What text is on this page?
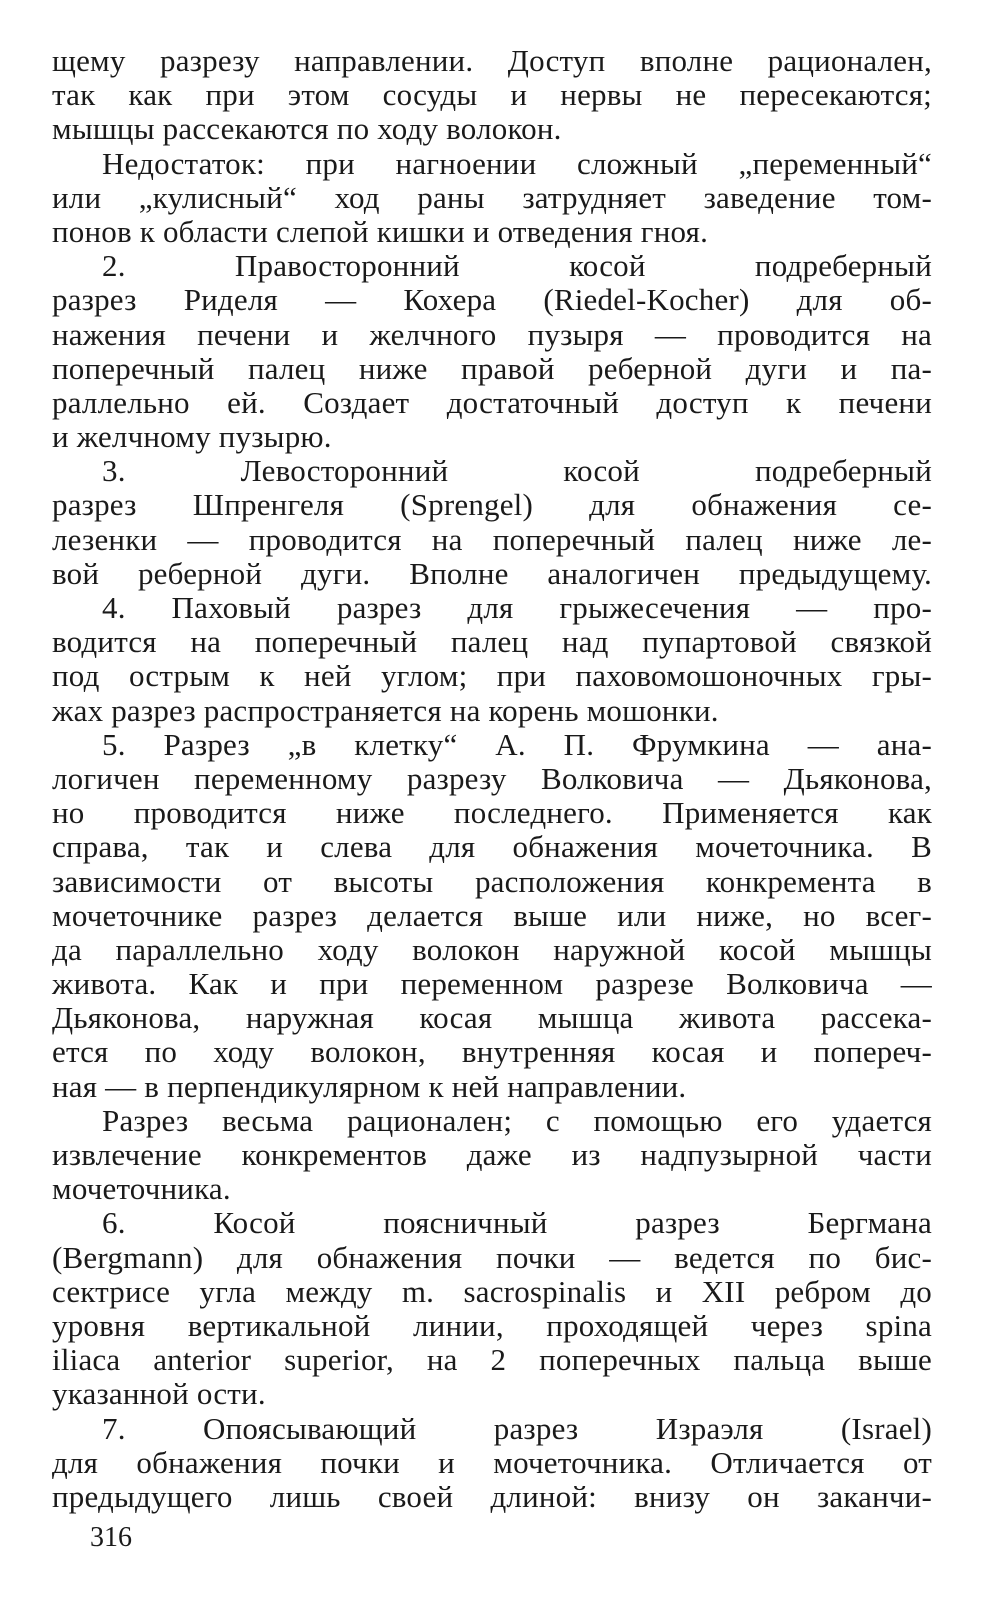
щему разрезу направлении. Доступ вполне рационален,
так как при этом сосуды и нервы не пересекаются;
мышцы рассекаются по ходу волокон.
Недостаток: при нагноении сложный „переменный“
или „кулисный“ ход раны затрудняет заведение том-
понов к области слепой кишки и отведения гноя.
2. Правосторонний косой подреберный
разрез Риделя — Кохера (Riedel-Kocher) для об-
нажения печени и желчного пузыря — проводится на
поперечный палец ниже правой реберной дуги и па-
раллельно ей. Создает достаточный доступ к печени
и желчному пузырю.
3. Левосторонний косой подреберный
разрез Шпренгеля (Sprengel) для обнажения се-
лезенки — проводится на поперечный палец ниже ле-
вой реберной дуги. Вполне аналогичен предыдущему.
4. Паховый разрез для грыжесечения — про-
водится на поперечный палец над пупартовой связкой
под острым к ней углом; при паховомошоночных гры-
жах разрез распространяется на корень мошонки.
5. Разрез „в клетку“ А. П. Фрумкина — ана-
логичен переменному разрезу Волковича — Дьяконова,
но проводится ниже последнего. Применяется как
справа, так и слева для обнажения мочеточника. В
зависимости от высоты расположения конкремента в
мочеточнике разрез делается выше или ниже, но всег-
да параллельно ходу волокон наружной косой мышцы
живота. Как и при переменном разрезе Волковича —
Дьяконова, наружная косая мышца живота рассека-
ется по ходу волокон, внутренняя косая и попереч-
ная — в перпендикулярном к ней направлении.
Разрез весьма рационален; с помощью его удается
извлечение конкрементов даже из надпузырной части
мочеточника.
6. Косой поясничный разрез Бергмана
(Bergmann) для обнажения почки — ведется по бис-
сектрисе угла между m. sacrospinalis и XII ребром до
уровня вертикальной линии, проходящей через spina
iliaca anterior superior, на 2 поперечных пальца выше
указанной ости.
7. Опоясывающий разрез Израэля (Israel)
для обнажения почки и мочеточника. Отличается от
предыдущего лишь своей длиной: внизу он заканчи-
316
